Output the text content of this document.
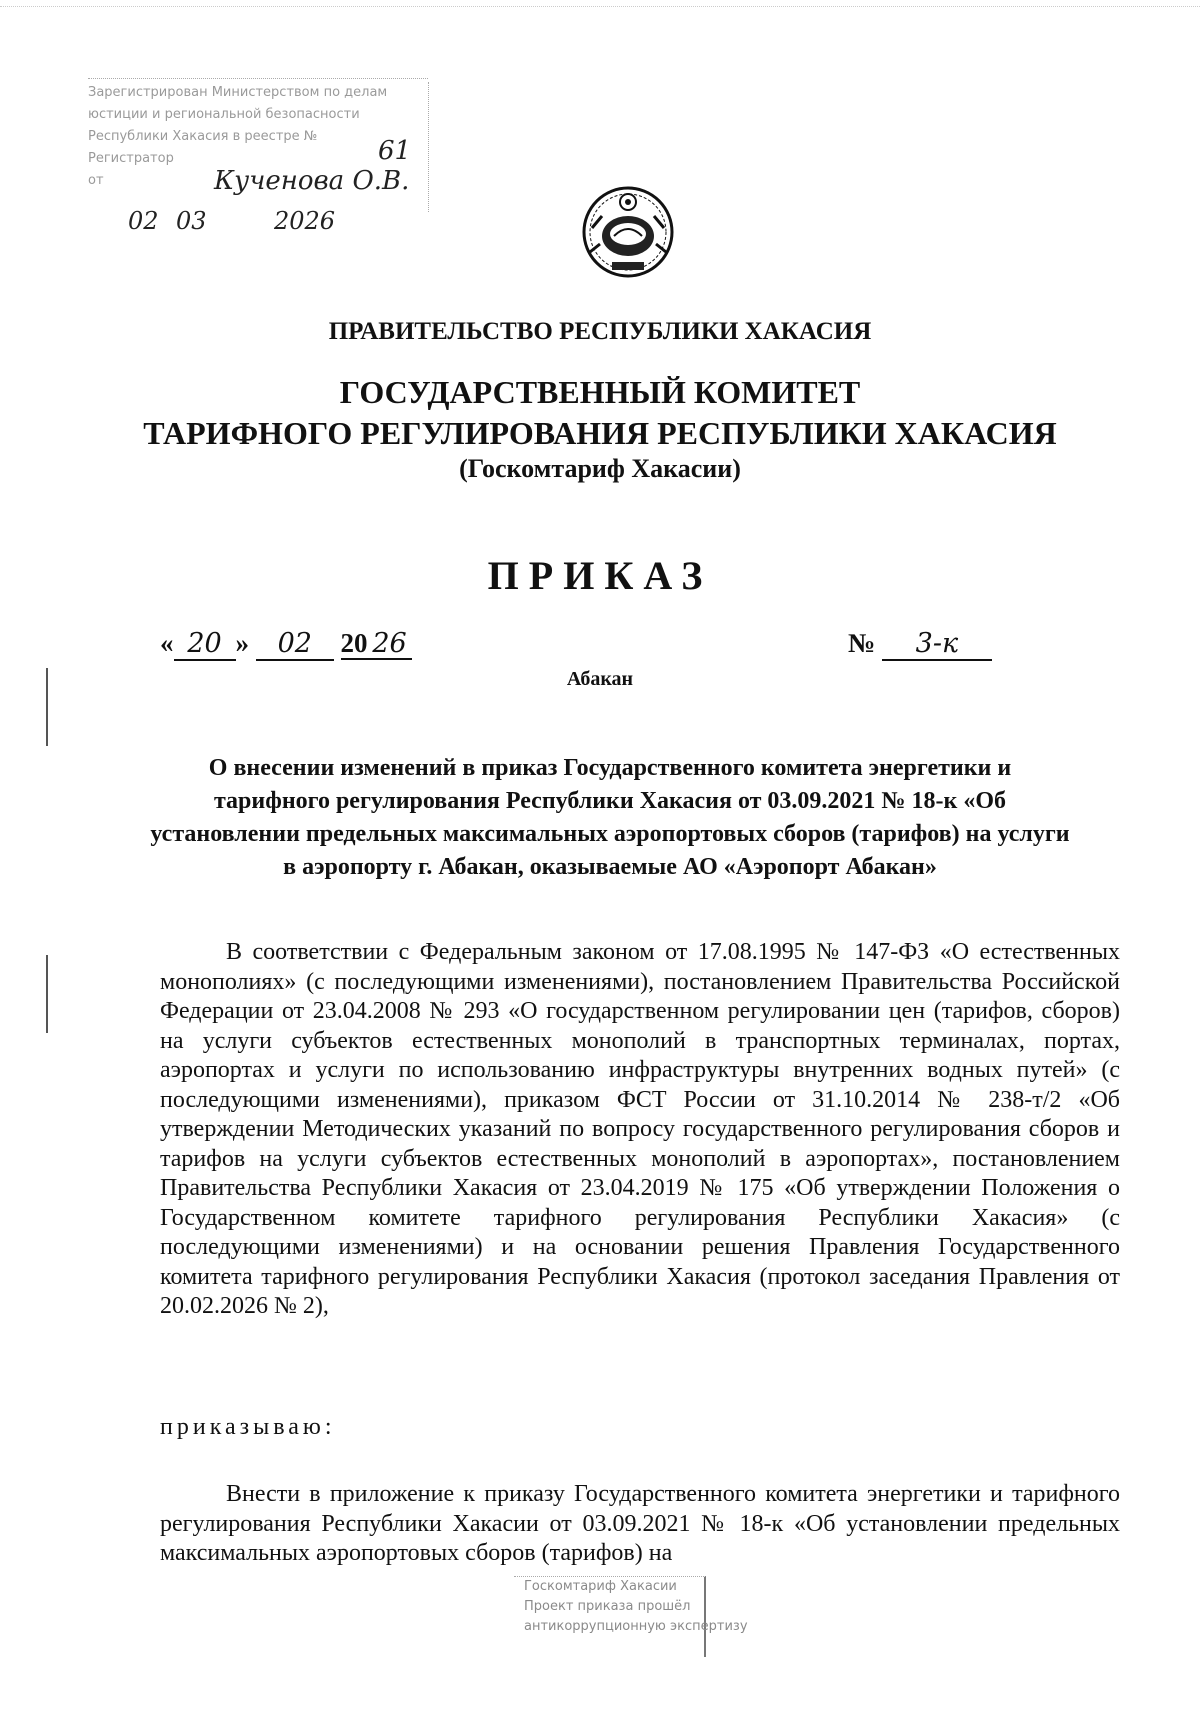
Зарегистрирован Министерством по делам
юстиции и региональной безопасности
Республики Хакасия в реестре №
Регистратор
от
61
Кученова О.В.
02 03	2026
ПРАВИТЕЛЬСТВО РЕСПУБЛИКИ ХАКАСИЯ
ГОСУДАРСТВЕННЫЙ КОМИТЕТ
ТАРИФНОГО РЕГУЛИРОВАНИЯ РЕСПУБЛИКИ ХАКАСИЯ
(Госкомтариф Хакасии)
ПРИКАЗ
« 20 » 02 20 26	№ 3-к
Абакан
О внесении изменений в приказ Государственного комитета энергетики и тарифного регулирования Республики Хакасия от 03.09.2021 № 18-к «Об установлении предельных максимальных аэропортовых сборов (тарифов) на услуги в аэропорту г. Абакан, оказываемые АО «Аэропорт Абакан»
В соответствии с Федеральным законом от 17.08.1995 № 147-ФЗ «О естественных монополиях» (с последующими изменениями), постановлением Правительства Российской Федерации от 23.04.2008 № 293 «О государственном регулировании цен (тарифов, сборов) на услуги субъектов естественных монополий в транспортных терминалах, портах, аэропортах и услуги по использованию инфраструктуры внутренних водных путей» (с последующими изменениями), приказом ФСТ России от 31.10.2014 № 238-т/2 «Об утверждении Методических указаний по вопросу государственного регулирования сборов и тарифов на услуги субъектов естественных монополий в аэропортах», постановлением Правительства Республики Хакасия от 23.04.2019 № 175 «Об утверждении Положения о Государственном комитете тарифного регулирования Республики Хакасия» (с последующими изменениями) и на основании решения Правления Государственного комитета тарифного регулирования Республики Хакасия (протокол заседания Правления от 20.02.2026 № 2),
приказываю:
Внести в приложение к приказу Государственного комитета энергетики и тарифного регулирования Республики Хакасии от 03.09.2021 № 18-к «Об установлении предельных максимальных аэропортовых сборов (тарифов) на
Госкомтариф Хакасии
Проект приказа прошёл
антикоррупционную экспертизу
